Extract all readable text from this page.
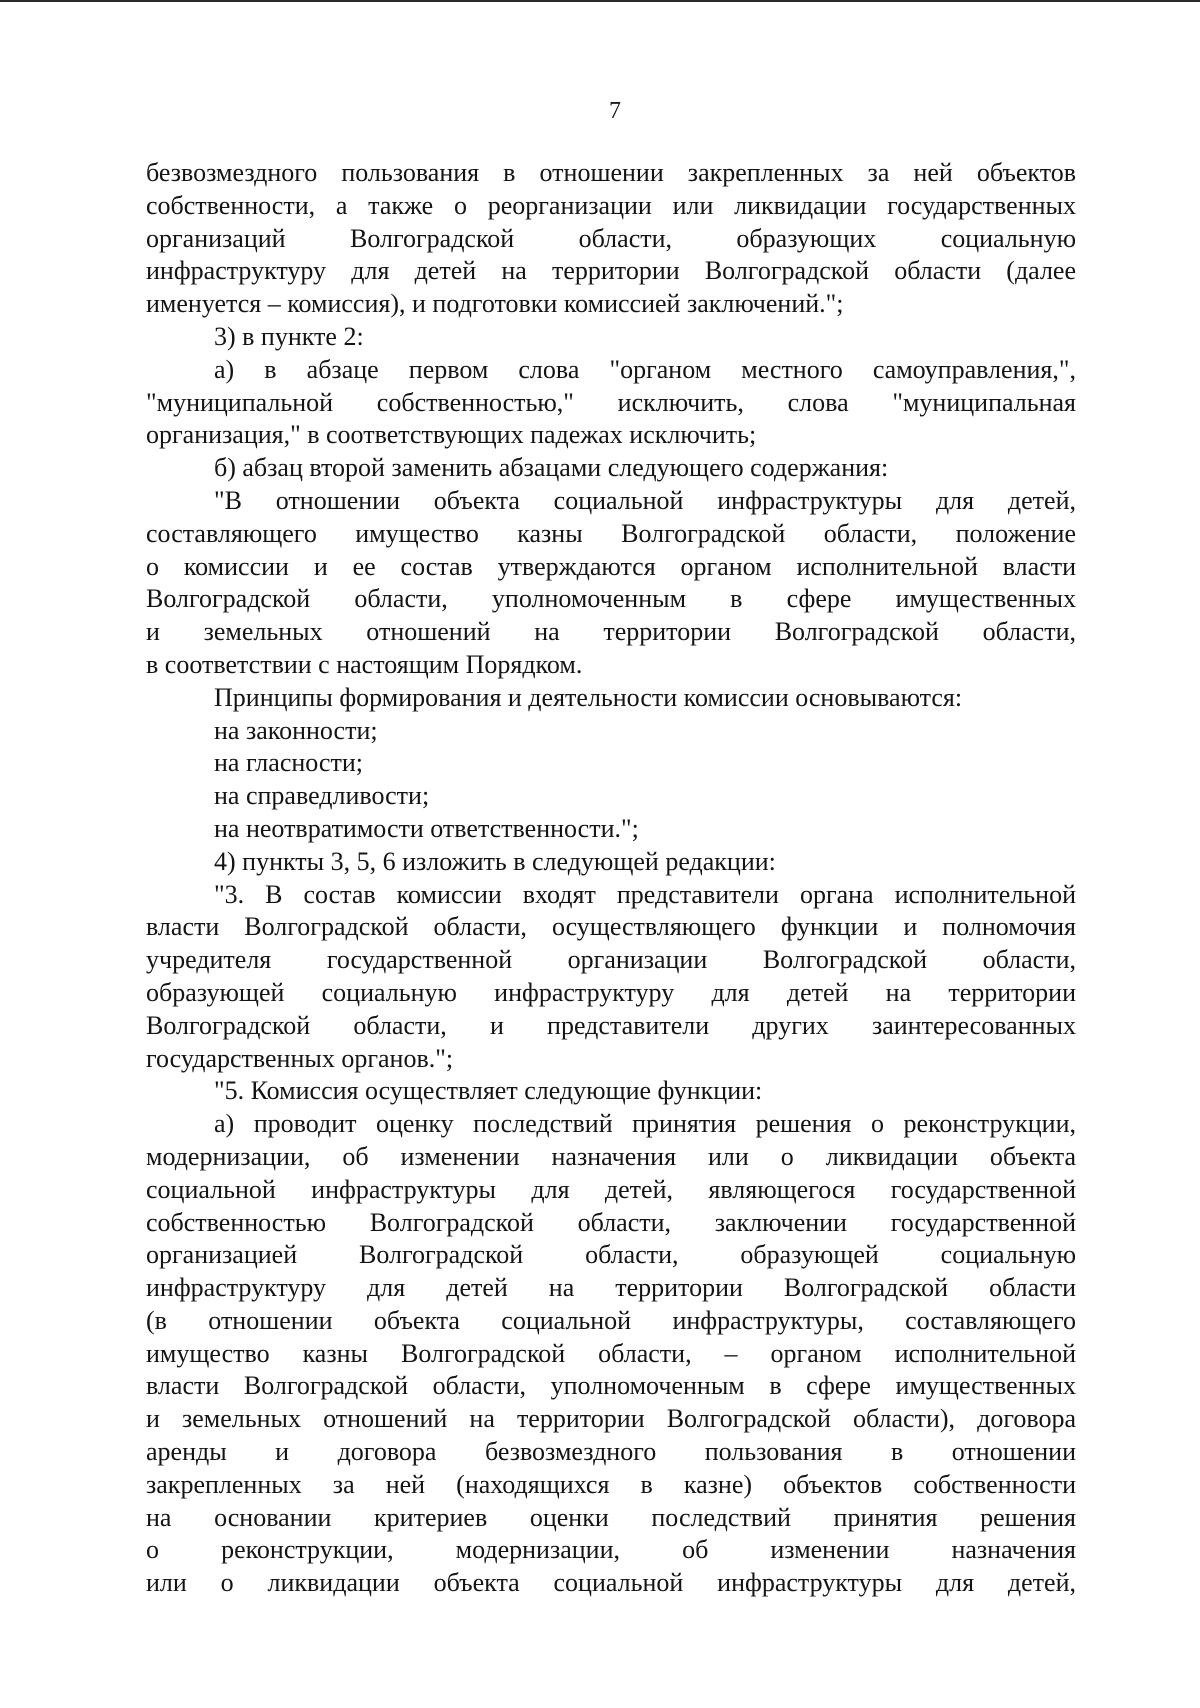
7
безвозмездного пользования в отношении закрепленных за ней объектов
собственности, а также о реорганизации или ликвидации государственных
организаций Волгоградской области, образующих социальную
инфраструктуру для детей на территории Волгоградской области (далее
именуется – комиссия), и подготовки комиссией заключений.";
3) в пункте 2:
а) в абзаце первом слова "органом местного самоуправления,",
"муниципальной собственностью," исключить, слова "муниципальная
организация," в соответствующих падежах исключить;
б) абзац второй заменить абзацами следующего содержания:
"В отношении объекта социальной инфраструктуры для детей,
составляющего имущество казны Волгоградской области, положение
о комиссии и ее состав утверждаются органом исполнительной власти
Волгоградской области, уполномоченным в сфере имущественных
и земельных отношений на территории Волгоградской области,
в соответствии с настоящим Порядком.
Принципы формирования и деятельности комиссии основываются:
на законности;
на гласности;
на справедливости;
на неотвратимости ответственности.";
4) пункты 3, 5, 6 изложить в следующей редакции:
"3. В состав комиссии входят представители органа исполнительной
власти Волгоградской области, осуществляющего функции и полномочия
учредителя государственной организации Волгоградской области,
образующей социальную инфраструктуру для детей на территории
Волгоградской области, и представители других заинтересованных
государственных органов.";
"5. Комиссия осуществляет следующие функции:
а) проводит оценку последствий принятия решения о реконструкции,
модернизации, об изменении назначения или о ликвидации объекта
социальной инфраструктуры для детей, являющегося государственной
собственностью Волгоградской области, заключении государственной
организацией Волгоградской области, образующей социальную
инфраструктуру для детей на территории Волгоградской области
(в отношении объекта социальной инфраструктуры, составляющего
имущество казны Волгоградской области, – органом исполнительной
власти Волгоградской области, уполномоченным в сфере имущественных
и земельных отношений на территории Волгоградской области), договора
аренды и договора безвозмездного пользования в отношении
закрепленных за ней (находящихся в казне) объектов собственности
на основании критериев оценки последствий принятия решения
о реконструкции, модернизации, об изменении назначения
или о ликвидации объекта социальной инфраструктуры для детей,
